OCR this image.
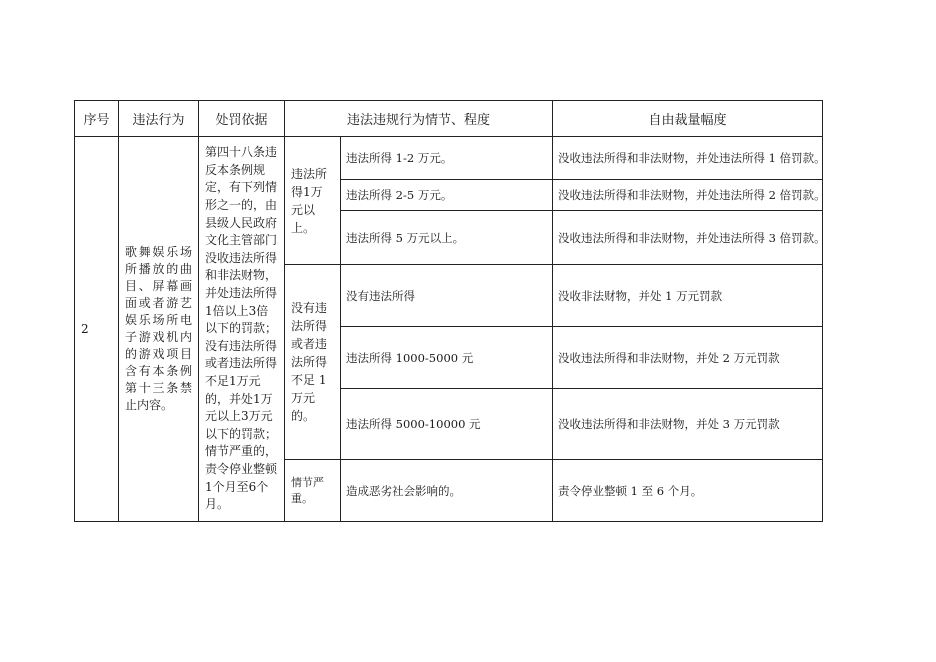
序号	违法行为	处罚依据	违法违规行为情节、程度		自由裁量幅度
2	歌舞娱乐场所播放的曲目、屏幕画面或者游艺娱乐场所电子游戏机内的游戏项目含有本条例第十三条禁止内容。	第四十八条违反本条例规定，有下列情形之一的，由县级人民政府文化主管部门没收违法所得和非法财物，并处违法所得1倍以上3倍以下的罚款；没有违法所得或者违法所得不足1万元的，并处1万元以上3万元以下的罚款；情节严重的，责令停业整顿1个月至6个月。	违法所得1万元以上。	违法所得 1-2 万元。	没收违法所得和非法财物，并处违法所得 1 倍罚款。
				违法所得 2-5 万元。	没收违法所得和非法财物，并处违法所得 2 倍罚款。
				违法所得 5 万元以上。	没收违法所得和非法财物，并处违法所得 3 倍罚款。
			没有违法所得或者违法所得不足 1 万元的。	没有违法所得	没收非法财物，并处 1 万元罚款
				违法所得 1000-5000 元	没收违法所得和非法财物，并处 2 万元罚款
				违法所得 5000-10000 元	没收违法所得和非法财物，并处 3 万元罚款
			情节严重。	造成恶劣社会影响的。	责令停业整顿 1 至 6 个月。
